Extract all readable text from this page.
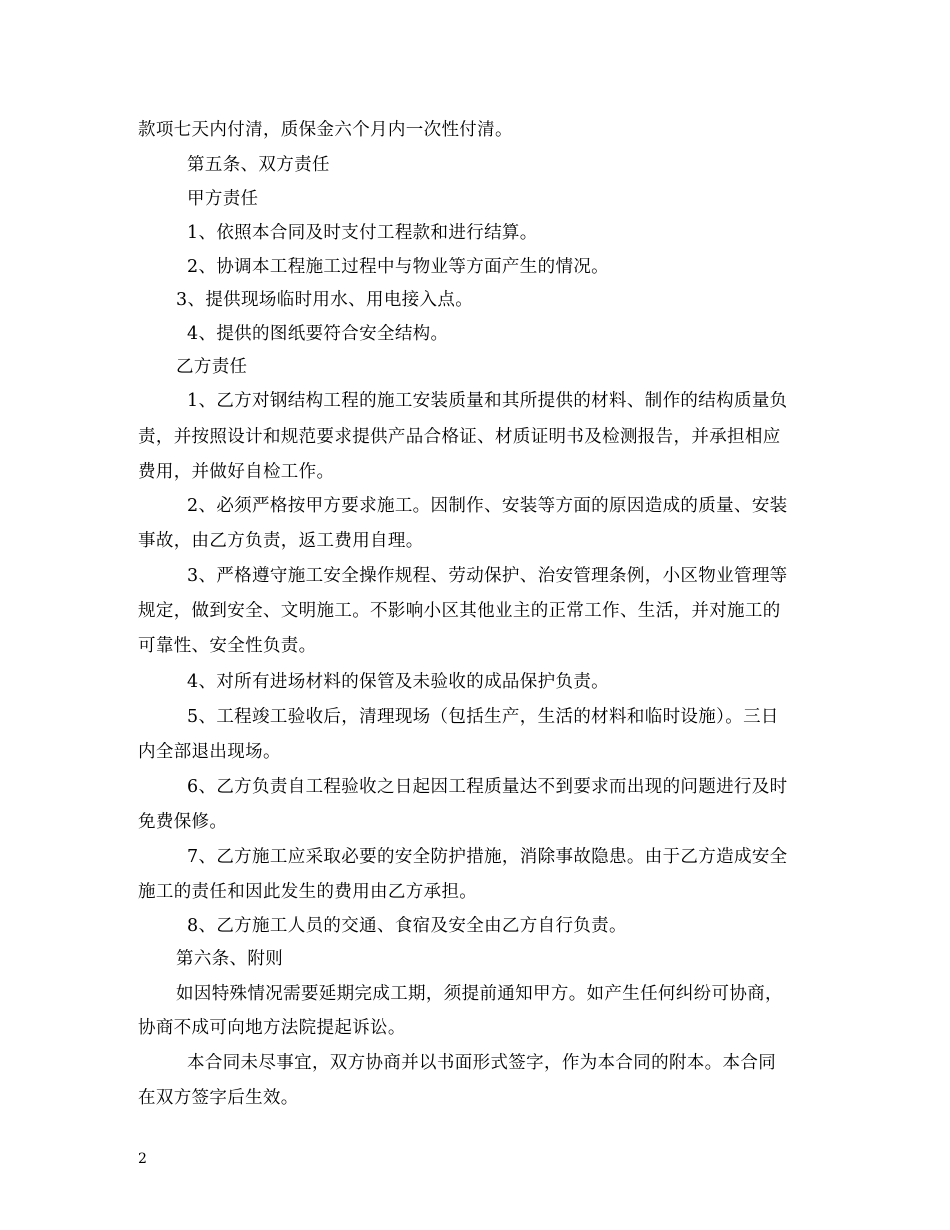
款项七天内付清，质保金六个月内一次性付清。
第五条、双方责任
甲方责任
1、依照本合同及时支付工程款和进行结算。
2、协调本工程施工过程中与物业等方面产生的情况。
3、提供现场临时用水、用电接入点。
4、提供的图纸要符合安全结构。
乙方责任
1、乙方对钢结构工程的施工安装质量和其所提供的材料、制作的结构质量负
责，并按照设计和规范要求提供产品合格证、材质证明书及检测报告，并承担相应
费用，并做好自检工作。
2、必须严格按甲方要求施工。因制作、安装等方面的原因造成的质量、安装
事故，由乙方负责，返工费用自理。
3、严格遵守施工安全操作规程、劳动保护、治安管理条例，小区物业管理等
规定，做到安全、文明施工。不影响小区其他业主的正常工作、生活，并对施工的
可靠性、安全性负责。
4、对所有进场材料的保管及未验收的成品保护负责。
5、工程竣工验收后，清理现场（包括生产，生活的材料和临时设施）。三日
内全部退出现场。
6、乙方负责自工程验收之日起因工程质量达不到要求而出现的问题进行及时
免费保修。
7、乙方施工应采取必要的安全防护措施，消除事故隐患。由于乙方造成安全
施工的责任和因此发生的费用由乙方承担。
8、乙方施工人员的交通、食宿及安全由乙方自行负责。
第六条、附则
如因特殊情况需要延期完成工期，须提前通知甲方。如产生任何纠纷可协商，
协商不成可向地方法院提起诉讼。
本合同未尽事宜，双方协商并以书面形式签字，作为本合同的附本。本合同
在双方签字后生效。
2
